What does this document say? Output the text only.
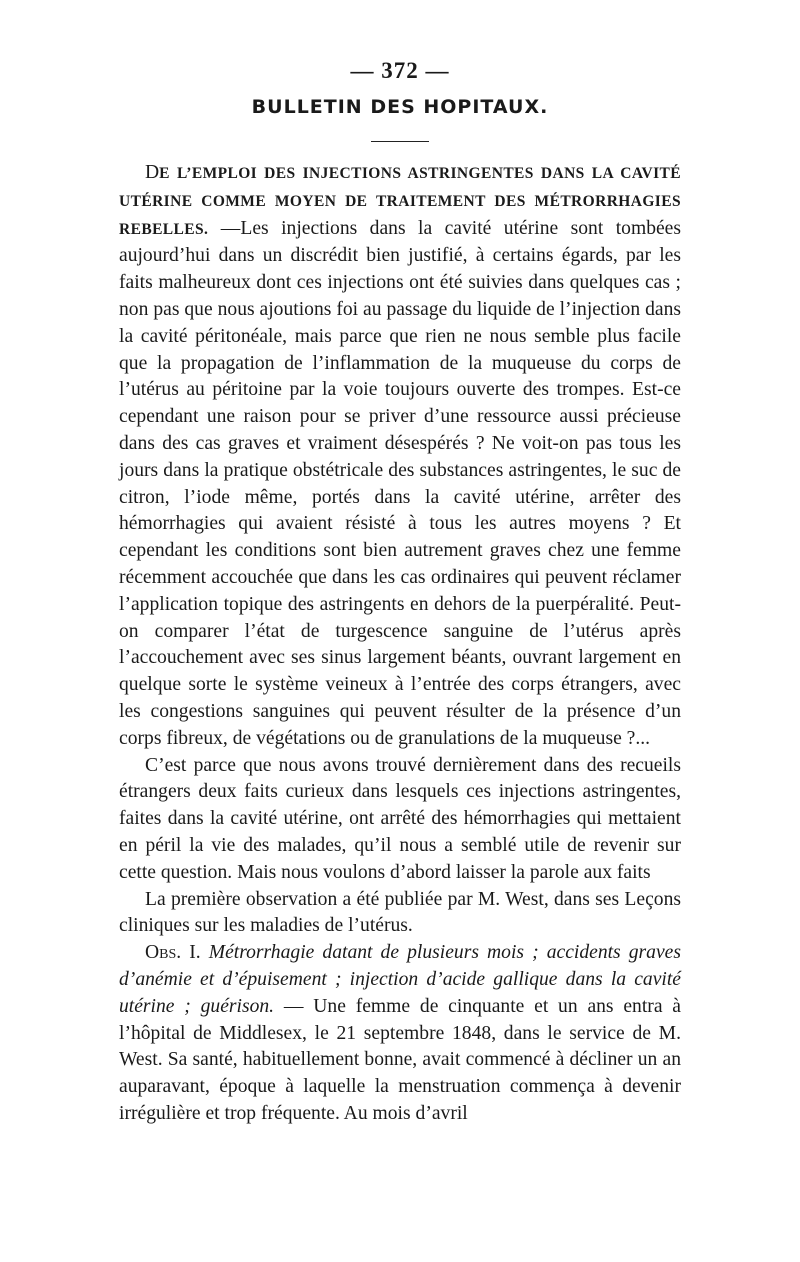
— 372 —
BULLETIN DES HOPITAUX.

DE L’EMPLOI DES INJECTIONS ASTRINGENTES DANS LA CAVITÉ UTÉRINE COMME MOYEN DE TRAITEMENT DES MÉTRORRHAGIES REBELLES. —Les injections dans la cavité utérine sont tombées aujourd’hui dans un discrédit bien justifié, à certains égards, par les faits malheureux dont ces injections ont été suivies dans quelques cas ; non pas que nous ajoutions foi au passage du liquide de l’injection dans la cavité péritonéale, mais parce que rien ne nous semble plus facile que la propagation de l’inflammation de la muqueuse du corps de l’utérus au péritoine par la voie toujours ouverte des trompes. Est-ce cependant une raison pour se priver d’une ressource aussi précieuse dans des cas graves et vraiment désespérés ? Ne voit-on pas tous les jours dans la pratique obstétricale des substances astringentes, le suc de citron, l’iode même, portés dans la cavité utérine, arrêter des hémorrhagies qui avaient résisté à tous les autres moyens ? Et cependant les conditions sont bien autrement graves chez une femme récemment accouchée que dans les cas ordinaires qui peuvent réclamer l’application topique des astringents en dehors de la puerpéralité. Peut-on comparer l’état de turgescence sanguine de l’utérus après l’accouchement avec ses sinus largement béants, ouvrant largement en quelque sorte le système veineux à l’entrée des corps étrangers, avec les congestions sanguines qui peuvent résulter de la présence d’un corps fibreux, de végétations ou de granulations de la muqueuse ?...

C’est parce que nous avons trouvé dernièrement dans des recueils étrangers deux faits curieux dans lesquels ces injections astringentes, faites dans la cavité utérine, ont arrêté des hémorrhagies qui mettaient en péril la vie des malades, qu’il nous a semblé utile de revenir sur cette question. Mais nous voulons d’abord laisser la parole aux faits

La première observation a été publiée par M. West, dans ses Leçons cliniques sur les maladies de l’utérus.

Obs. I. Métrorrhagie datant de plusieurs mois ; accidents graves d’anémie et d’épuisement ; injection d’acide gallique dans la cavité utérine ; guérison. — Une femme de cinquante et un ans entra à l’hôpital de Middlesex, le 21 septembre 1848, dans le service de M. West. Sa santé, habituellement bonne, avait commencé à décliner un an auparavant, époque à laquelle la menstruation commença à devenir irrégulière et trop fréquente. Au mois d’avril
